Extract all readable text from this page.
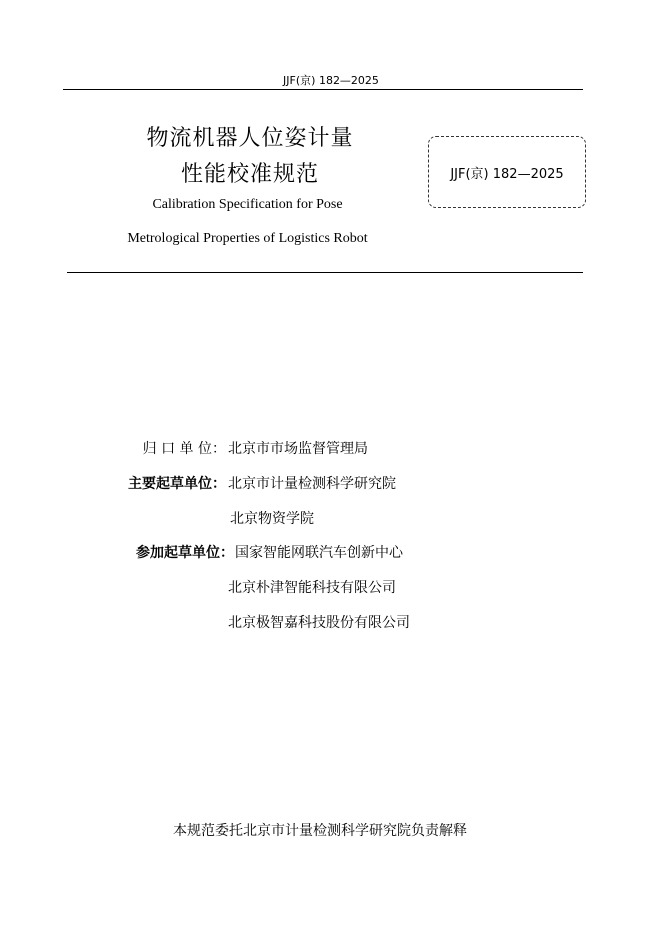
JJF(京) 182—2025
物流机器人位姿计量
性能校准规范
Calibration Specification for Pose
Metrological Properties of Logistics Robot
JJF(京) 182—2025
归 口 单 位： 北京市市场监督管理局
主要起草单位： 北京市计量检测科学研究院
北京物资学院
参加起草单位： 国家智能网联汽车创新中心
北京朴津智能科技有限公司
北京极智嘉科技股份有限公司
本规范委托北京市计量检测科学研究院负责解释
